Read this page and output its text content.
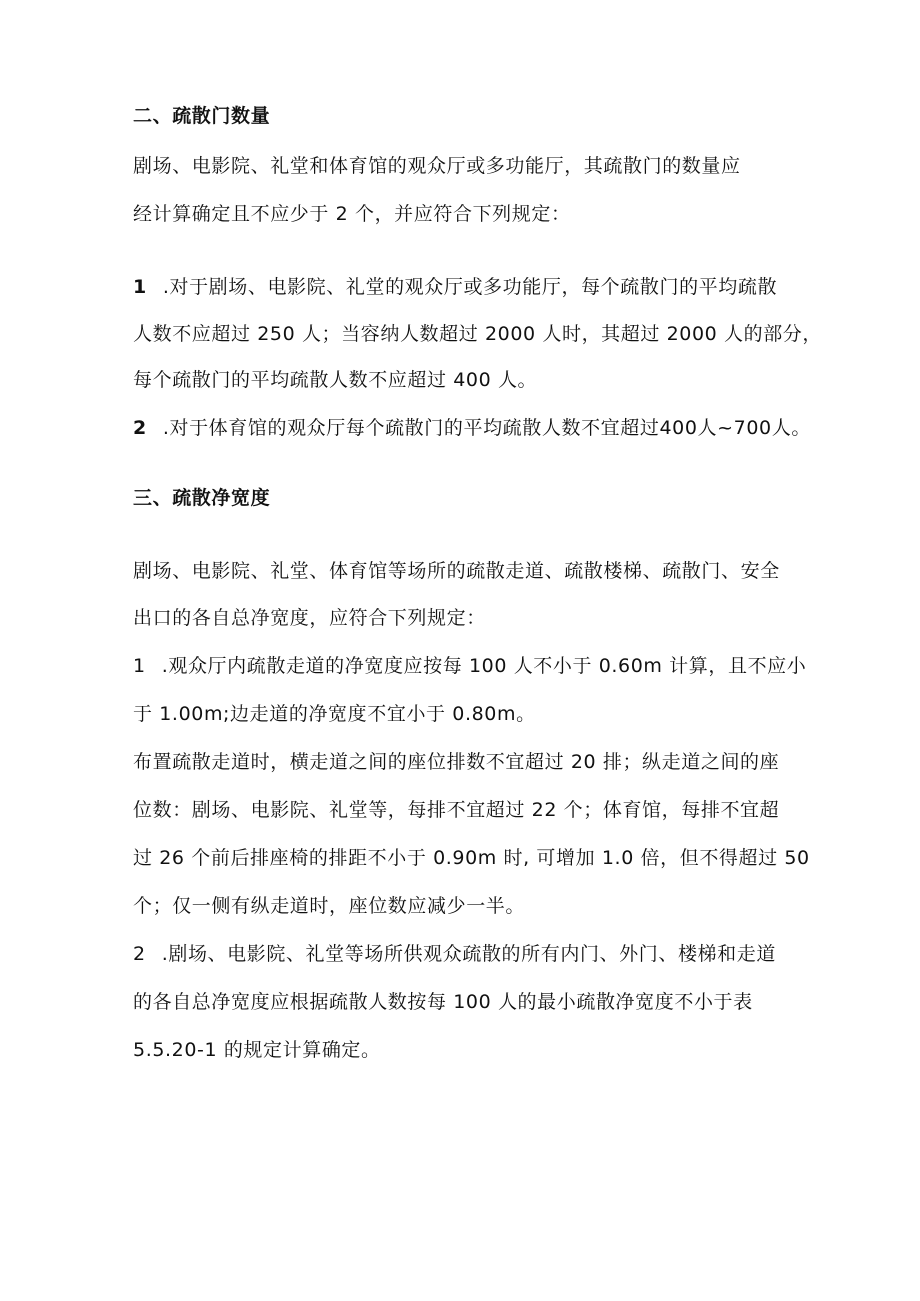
二、疏散门数量
剧场、电影院、礼堂和体育馆的观众厅或多功能厅，其疏散门的数量应
经计算确定且不应少于 2 个，并应符合下列规定：
1 .对于剧场、电影院、礼堂的观众厅或多功能厅，每个疏散门的平均疏散
人数不应超过 250 人；当容纳人数超过 2000 人时，其超过 2000 人的部分，
每个疏散门的平均疏散人数不应超过 400 人。
2 .对于体育馆的观众厅每个疏散门的平均疏散人数不宜超过400人~700人。
三、疏散净宽度
剧场、电影院、礼堂、体育馆等场所的疏散走道、疏散楼梯、疏散门、安全
出口的各自总净宽度，应符合下列规定：
1 .观众厅内疏散走道的净宽度应按每 100 人不小于 0.60m 计算，且不应小
于 1.00m;边走道的净宽度不宜小于 0.80m。
布置疏散走道时，横走道之间的座位排数不宜超过 20 排；纵走道之间的座
位数：剧场、电影院、礼堂等，每排不宜超过 22 个；体育馆，每排不宜超
过 26 个前后排座椅的排距不小于 0.90m 时, 可增加 1.0 倍，但不得超过 50
个；仅一侧有纵走道时，座位数应减少一半。
2 .剧场、电影院、礼堂等场所供观众疏散的所有内门、外门、楼梯和走道
的各自总净宽度应根据疏散人数按每 100 人的最小疏散净宽度不小于表
5.5.20-1 的规定计算确定。
